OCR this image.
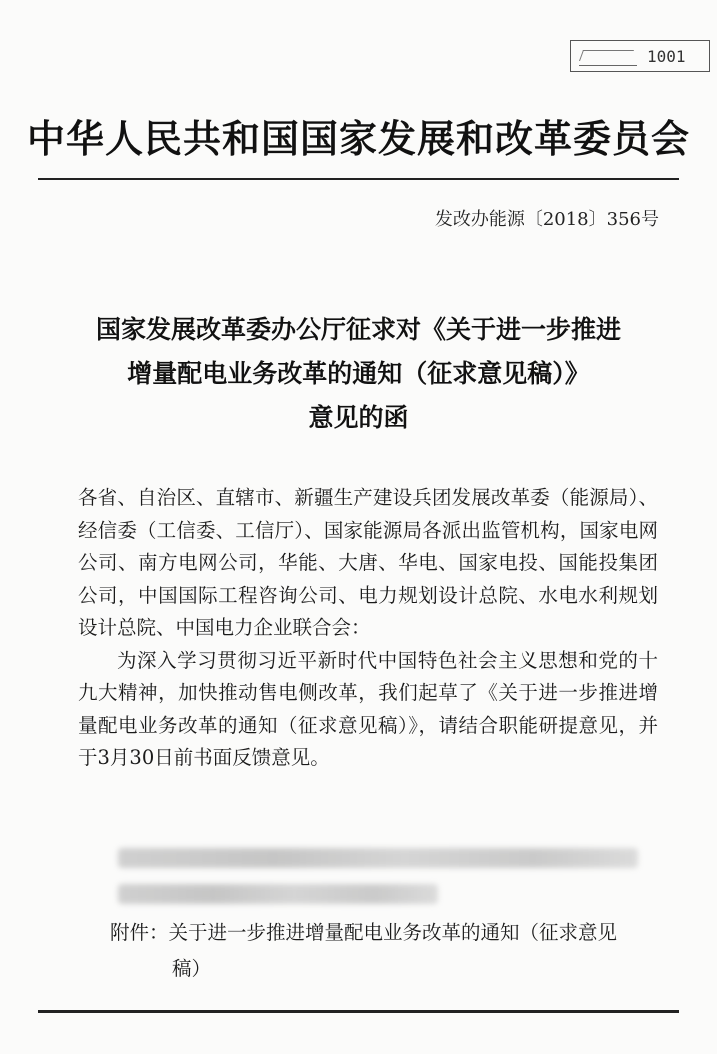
1001
中华人民共和国国家发展和改革委员会
发改办能源〔2018〕356号
国家发展改革委办公厅征求对《关于进一步推进
增量配电业务改革的通知（征求意见稿）》
意见的函

各省、自治区、直辖市、新疆生产建设兵团发展改革委（能源局）、经信委（工信委、工信厅）、国家能源局各派出监管机构，国家电网公司、南方电网公司，华能、大唐、华电、国家电投、国能投集团公司，中国国际工程咨询公司、电力规划设计总院、水电水利规划设计总院、中国电力企业联合会：

为深入学习贯彻习近平新时代中国特色社会主义思想和党的十九大精神，加快推动售电侧改革，我们起草了《关于进一步推进增量配电业务改革的通知（征求意见稿）》，请结合职能研提意见，并于3月30日前书面反馈意见。

附件：关于进一步推进增量配电业务改革的通知（征求意见
稿）
